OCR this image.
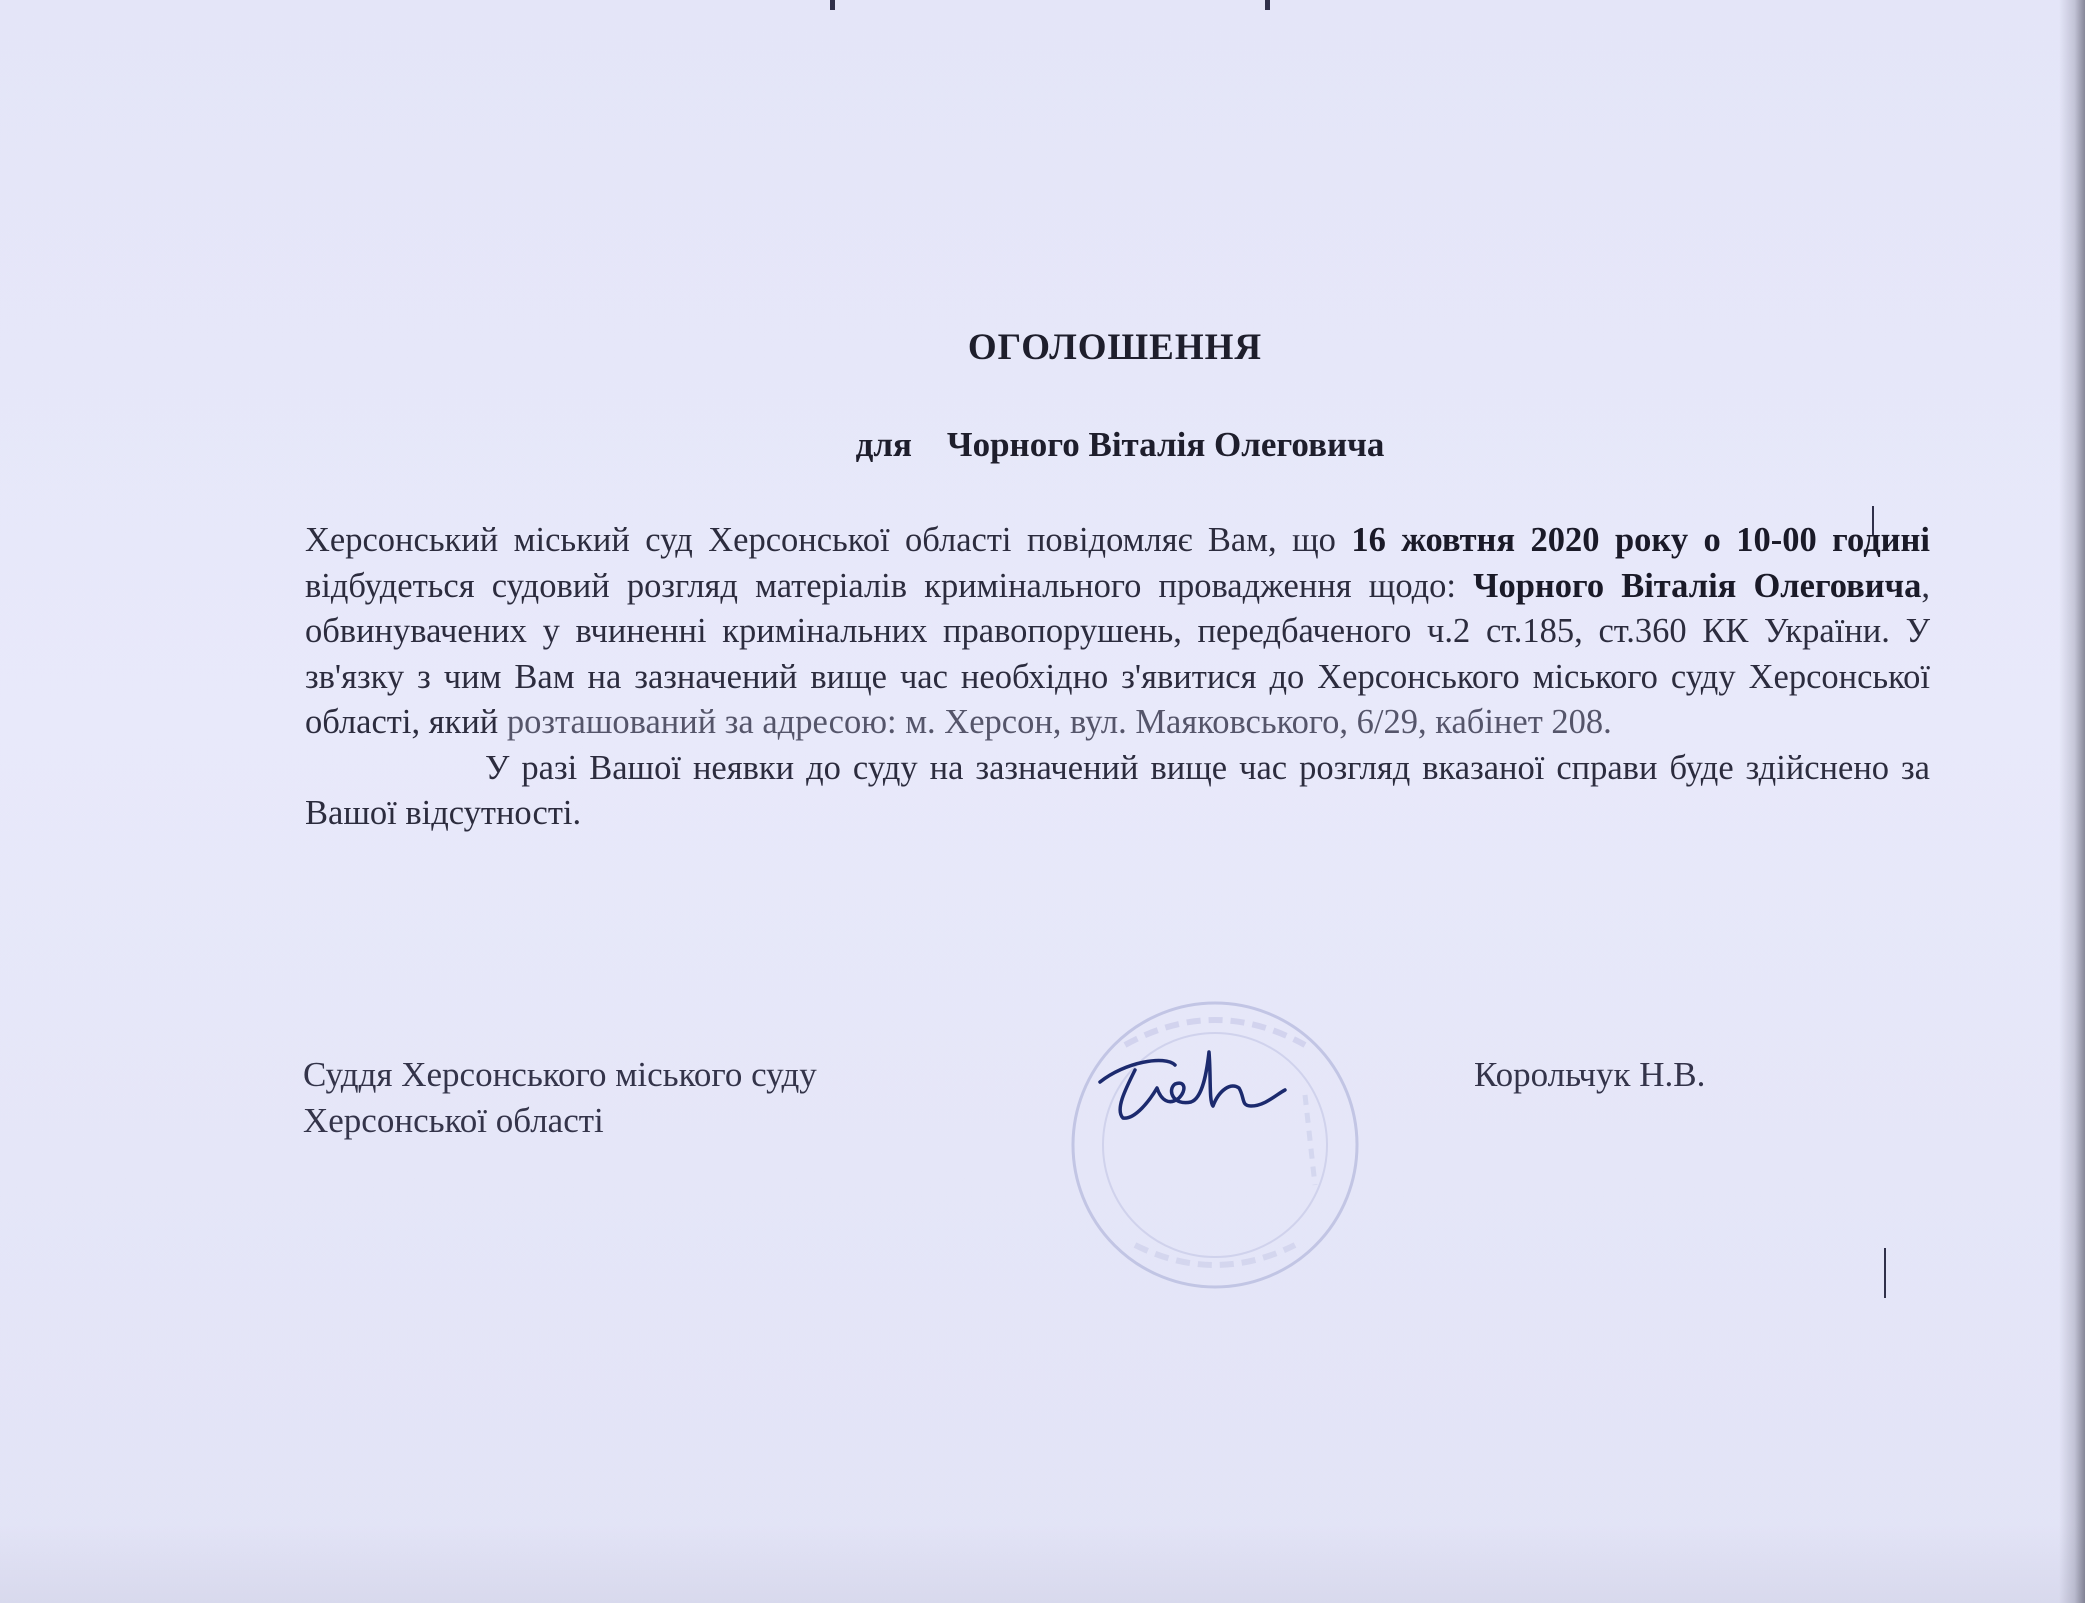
ОГОЛОШЕННЯ
для    Чорного Віталія Олеговича

Херсонський міський суд Херсонської області повідомляє Вам, що 16 жовтня 2020 року о 10-00 годині відбудеться судовий розгляд матеріалів кримінального провадження щодо: Чорного Віталія Олеговича, обвинувачених у вчиненні кримінальних правопорушень, передбаченого ч.2 ст.185, ст.360 КК України. У зв'язку з чим Вам на зазначений вище час необхідно з'явитися до Херсонського міського суду Херсонської області, який розташований за адресою: м. Херсон, вул. Маяковського, 6/29, кабінет 208.

У разі Вашої неявки до суду на зазначений вище час розгляд вказаної справи буде здійснено за Вашої відсутності.

Суддя Херсонського міського суду
Херсонської області
Корольчук Н.В.
